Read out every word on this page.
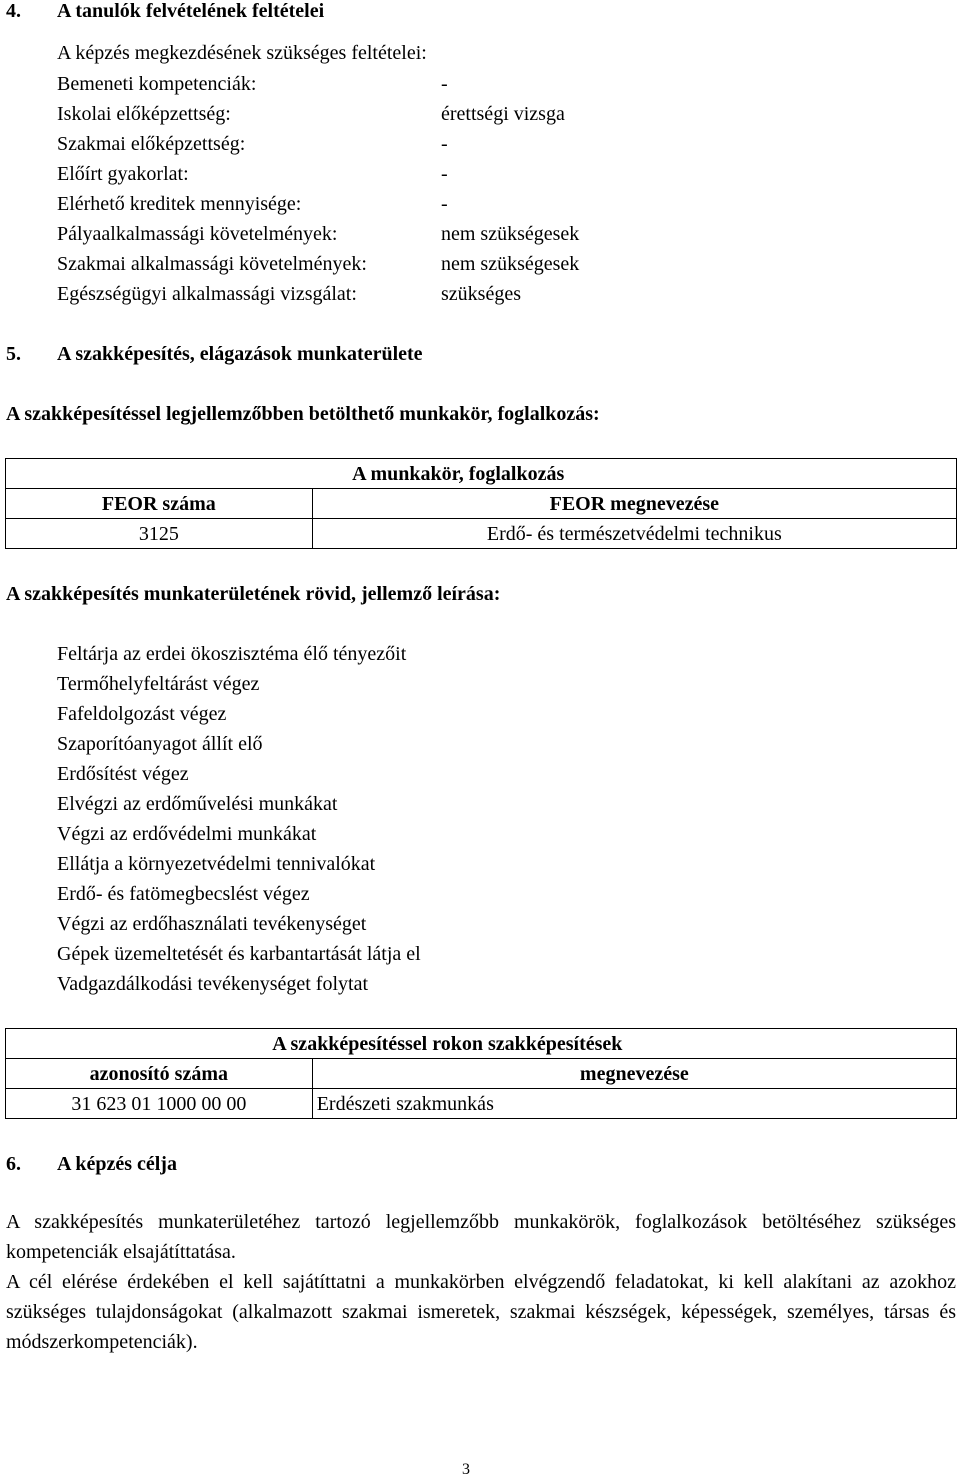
4. A tanulók felvételének feltételei
A képzés megkezdésének szükséges feltételei:
Bemeneti kompetenciák:	-
Iskolai előképzettség:	érettségi vizsga
Szakmai előképzettség:	-
Előírt gyakorlat:	-
Elérhető kreditek mennyisége:	-
Pályaalkalmassági követelmények:	nem szükségesek
Szakmai alkalmassági követelmények:	nem szükségesek
Egészségügyi alkalmassági vizsgálat:	szükséges
5. A szakképesítés, elágazások munkaterülete
A szakképesítéssel legjellemzőbben betölthető munkakör, foglalkozás:
	A munkakör, foglalkozás
FEOR száma	FEOR megnevezése
3125	Erdő- és természetvédelmi technikus
A szakképesítés munkaterületének rövid, jellemző leírása:
Feltárja az erdei ökoszisztéma élő tényezőit
Termőhelyfeltárást végez
Fafeldolgozást végez
Szaporítóanyagot állít elő
Erdősítést végez
Elvégzi az erdőművelési munkákat
Végzi az erdővédelmi munkákat
Ellátja a környezetvédelmi tennivalókat
Erdő- és fatömegbecslést végez
Végzi az erdőhasználati tevékenységet
Gépek üzemeltetését és karbantartását látja el
Vadgazdálkodási tevékenységet folytat
	A szakképesítéssel rokon szakképesítések
azonosító száma	megnevezése
31 623 01 1000 00 00	Erdészeti szakmunkás
6. A képzés célja
A szakképesítés munkaterületéhez tartozó legjellemzőbb munkakörök, foglalkozások betöltéséhez szükséges kompetenciák elsajátíttatása.
A cél elérése érdekében el kell sajátíttatni a munkakörben elvégzendő feladatokat, ki kell alakítani az azokhoz szükséges tulajdonságokat (alkalmazott szakmai ismeretek, szakmai készségek, képességek, személyes, társas és módszerkompetenciák).
3
